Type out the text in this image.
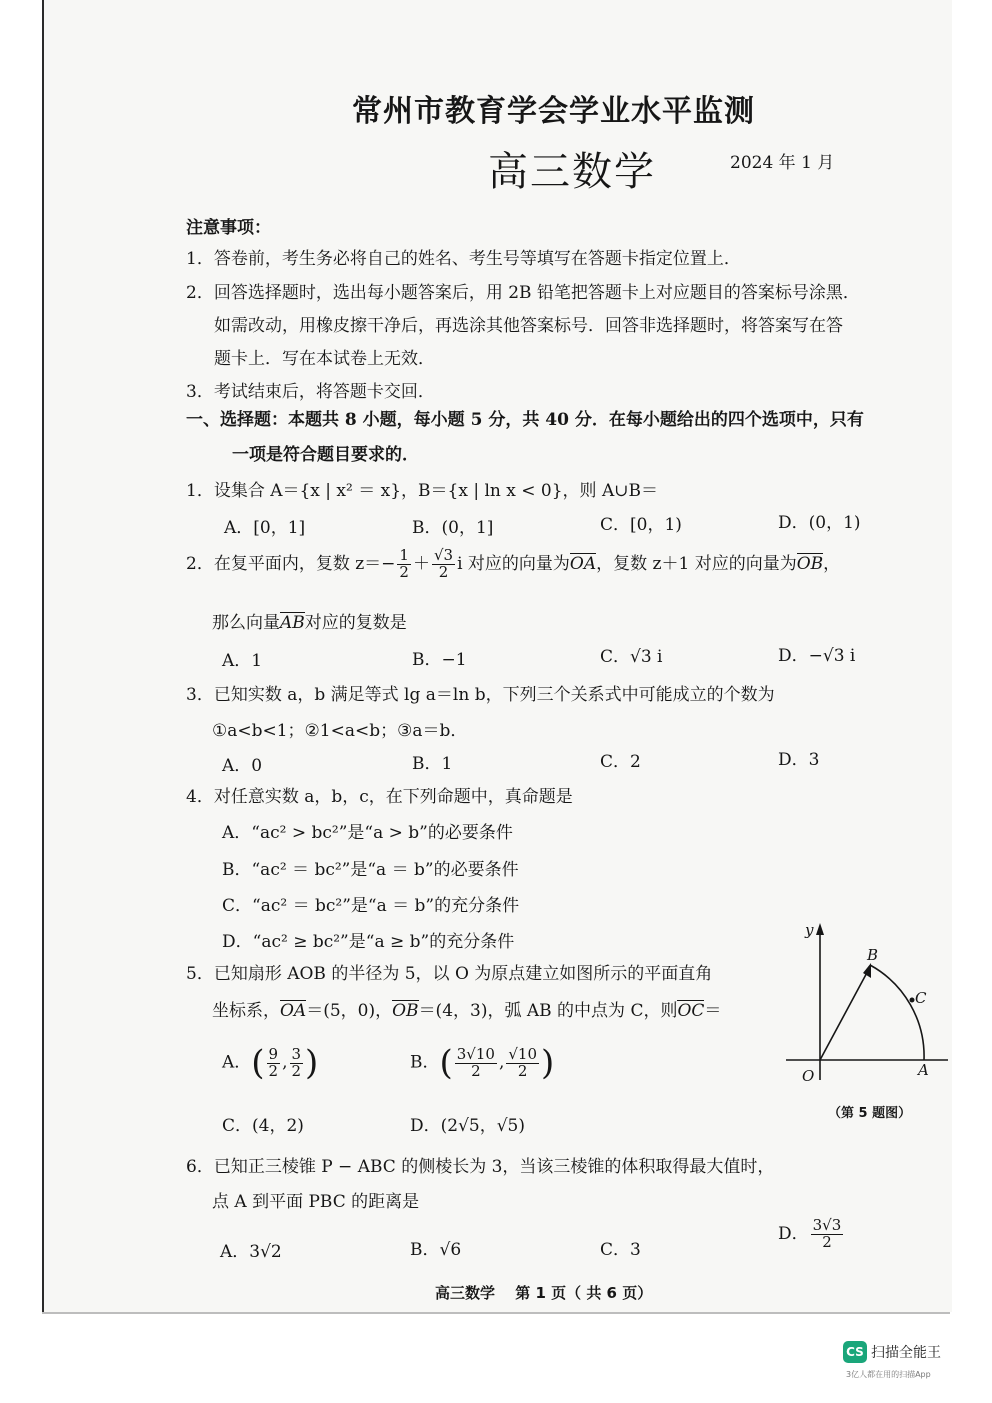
常州市教育学会学业水平监测
高三数学	2024 年 1 月
注意事项：
1．答卷前，考生务必将自己的姓名、考生号等填写在答题卡指定位置上．
2．回答选择题时，选出每小题答案后，用 2B 铅笔把答题卡上对应题目的答案标号涂黑．
如需改动，用橡皮擦干净后，再选涂其他答案标号．回答非选择题时，将答案写在答
题卡上．写在本试卷上无效．
3．考试结束后，将答题卡交回．
一、选择题：本题共 8 小题，每小题 5 分，共 40 分．在每小题给出的四个选项中，只有
一项是符合题目要求的．
1．设集合 A＝{x | x² ＝ x}，B＝{x | ln x < 0}，则 A∪B＝
A．[0，1]	B．(0，1]	C．[0，1)	D．(0，1)
2．在复平面内，复数 $z=- \frac{1}{2} + \frac{√3}{2}$ i 对应的向量为OA，复数 z＋1 对应的向量为OB，
那么向量AB对应的复数是
A．1	B．−1	C．√3 i	D．−√3 i
3．已知实数 a，b 满足等式 lg a＝ln b，下列三个关系式中可能成立的个数为
①a<b<1；②1<a<b；③a＝b．
A．0	B．1	C．2	D．3
4．对任意实数 a，b，c，在下列命题中，真命题是
A．“ac² > bc²”是“a > b”的必要条件
B．“ac² ＝ bc²”是“a ＝ b”的必要条件
C．“ac² ＝ bc²”是“a ＝ b”的充分条件
D．“ac² ≥ bc²”是“a ≥ b”的充分条件
5．已知扇形 AOB 的半径为 5，以 O 为原点建立如图所示的平面直角
坐标系，OA＝(5，0)，OB＝(4，3)，弧 AB 的中点为 C，则OC＝
A．( $\frac{9}{2}$ , $\frac{3}{2}$ )	B．( $\frac{3√10}{2}$ , $\frac{√10}{2}$ )
C．(4，2)	D．(2√5，√5)
y
O	A
B
C
（第 5 题图）
6．已知正三棱锥 P − ABC 的侧棱长为 3，当该三棱锥的体积取得最大值时，
点 A 到平面 PBC 的距离是
A．3√2	B．√6	C．3
D． $\frac{3√3}{2}$
高三数学　 第 1 页（ 共 6 页）
CS 扫描全能王
3亿人都在用的扫描App
